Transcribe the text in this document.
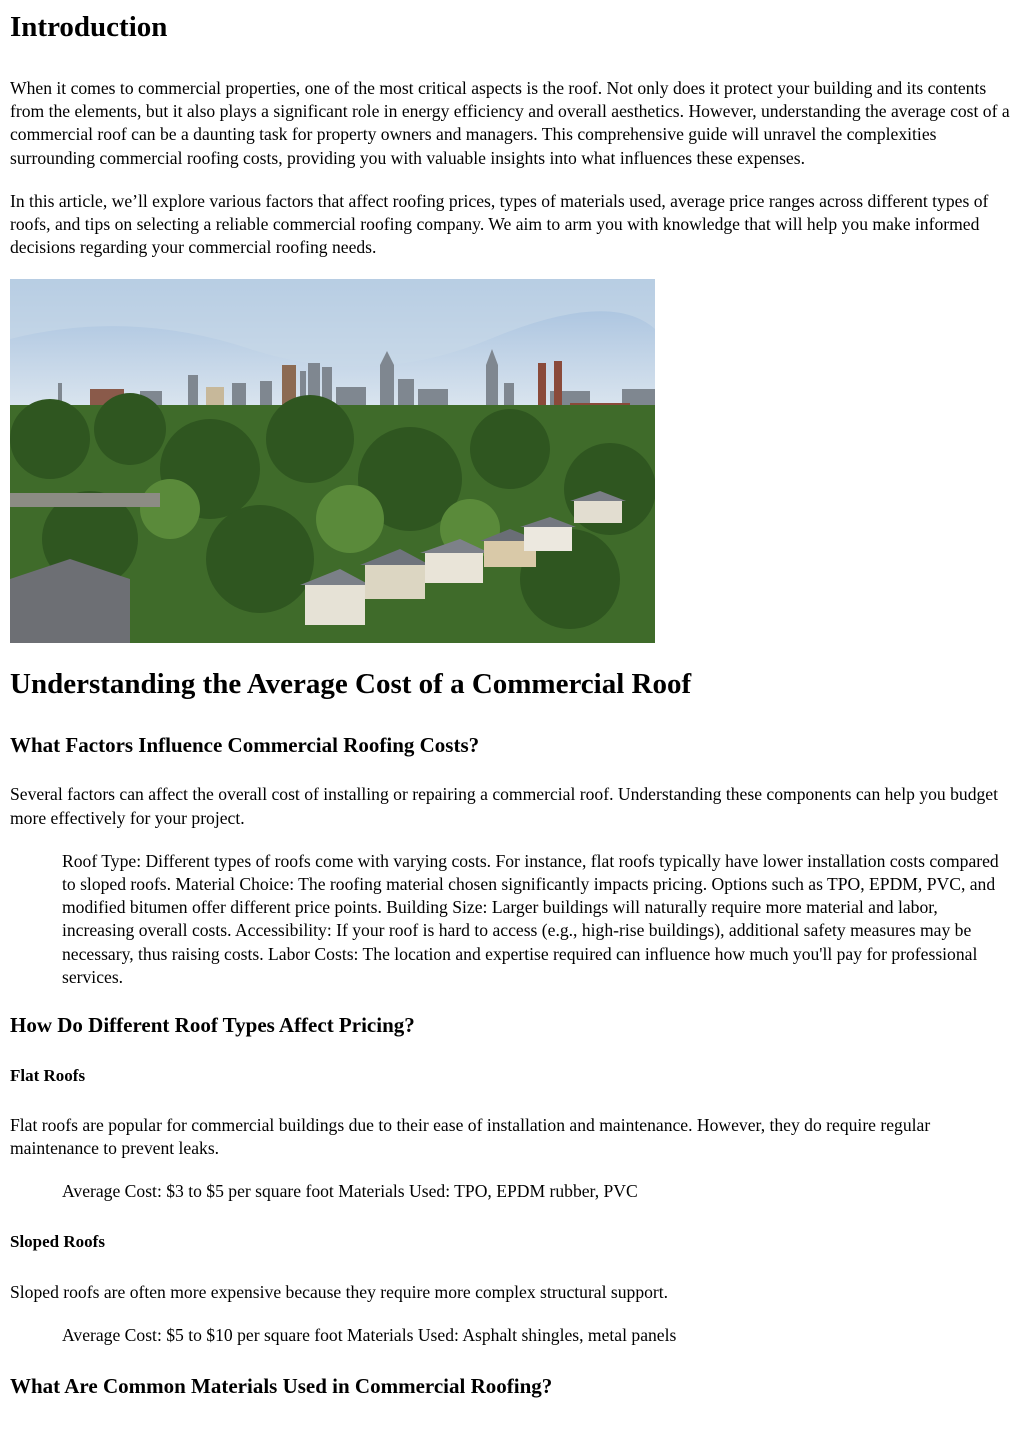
Introduction

When it comes to commercial properties, one of the most critical aspects is the roof. Not only does it protect your building and its contents from the elements, but it also plays a significant role in energy efficiency and overall aesthetics. However, understanding the average cost of a commercial roof can be a daunting task for property owners and managers. This comprehensive guide will unravel the complexities surrounding commercial roofing costs, providing you with valuable insights into what influences these expenses.

In this article, we’ll explore various factors that affect roofing prices, types of materials used, average price ranges across different types of roofs, and tips on selecting a reliable commercial roofing company. We aim to arm you with knowledge that will help you make informed decisions regarding your commercial roofing needs.

Understanding the Average Cost of a Commercial Roof
What Factors Influence Commercial Roofing Costs?

Several factors can affect the overall cost of installing or repairing a commercial roof. Understanding these components can help you budget more effectively for your project.

Roof Type: Different types of roofs come with varying costs. For instance, flat roofs typically have lower installation costs compared to sloped roofs. Material Choice: The roofing material chosen significantly impacts pricing. Options such as TPO, EPDM, PVC, and modified bitumen offer different price points. Building Size: Larger buildings will naturally require more material and labor, increasing overall costs. Accessibility: If your roof is hard to access (e.g., high-rise buildings), additional safety measures may be necessary, thus raising costs. Labor Costs: The location and expertise required can influence how much you'll pay for professional services.

How Do Different Roof Types Affect Pricing?
Flat Roofs

Flat roofs are popular for commercial buildings due to their ease of installation and maintenance. However, they do require regular maintenance to prevent leaks.

Average Cost: $3 to $5 per square foot Materials Used: TPO, EPDM rubber, PVC

Sloped Roofs

Sloped roofs are often more expensive because they require more complex structural support.

Average Cost: $5 to $10 per square foot Materials Used: Asphalt shingles, metal panels

What Are Common Materials Used in Commercial Roofing?
